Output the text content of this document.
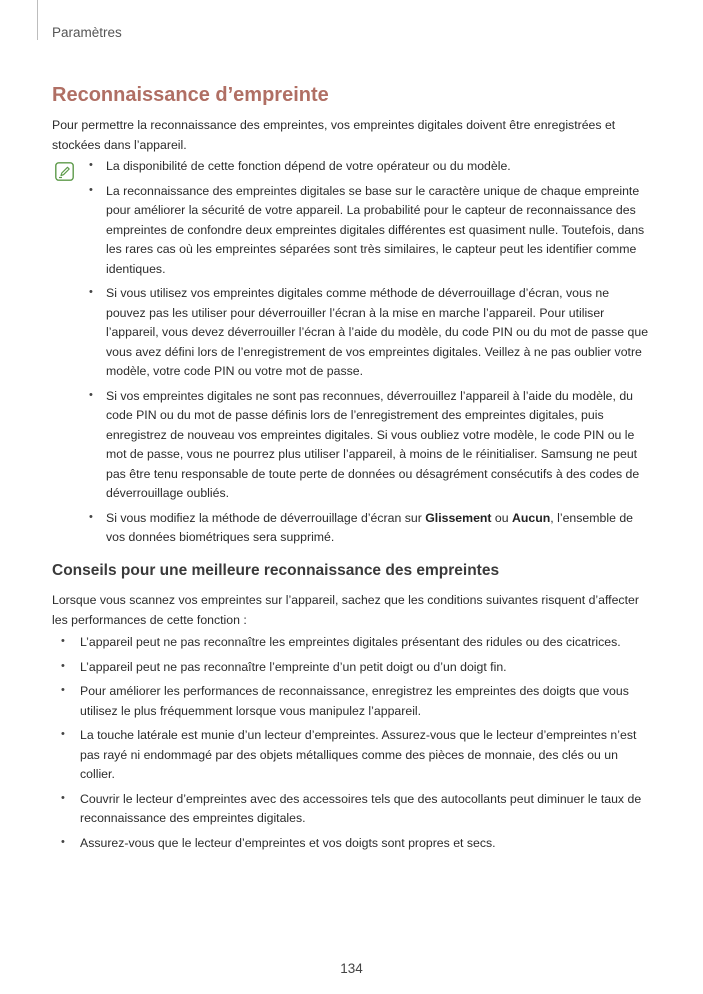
Paramètres
Reconnaissance d’empreinte

Pour permettre la reconnaissance des empreintes, vos empreintes digitales doivent être enregistrées et stockées dans l’appareil.

• La disponibilité de cette fonction dépend de votre opérateur ou du modèle.
• La reconnaissance des empreintes digitales se base sur le caractère unique de chaque empreinte pour améliorer la sécurité de votre appareil. La probabilité pour le capteur de reconnaissance des empreintes de confondre deux empreintes digitales différentes est quasiment nulle. Toutefois, dans les rares cas où les empreintes séparées sont très similaires, le capteur peut les identifier comme identiques.
• Si vous utilisez vos empreintes digitales comme méthode de déverrouillage d’écran, vous ne pouvez pas les utiliser pour déverrouiller l’écran à la mise en marche l’appareil. Pour utiliser l’appareil, vous devez déverrouiller l’écran à l’aide du modèle, du code PIN ou du mot de passe que vous avez défini lors de l’enregistrement de vos empreintes digitales. Veillez à ne pas oublier votre modèle, votre code PIN ou votre mot de passe.
• Si vos empreintes digitales ne sont pas reconnues, déverrouillez l’appareil à l’aide du modèle, du code PIN ou du mot de passe définis lors de l’enregistrement des empreintes digitales, puis enregistrez de nouveau vos empreintes digitales. Si vous oubliez votre modèle, le code PIN ou le mot de passe, vous ne pourrez plus utiliser l’appareil, à moins de le réinitialiser. Samsung ne peut pas être tenu responsable de toute perte de données ou désagrément consécutifs à des codes de déverrouillage oubliés.
• Si vous modifiez la méthode de déverrouillage d’écran sur Glissement ou Aucun, l’ensemble de vos données biométriques sera supprimé.
Conseils pour une meilleure reconnaissance des empreintes

Lorsque vous scannez vos empreintes sur l’appareil, sachez que les conditions suivantes risquent d’affecter les performances de cette fonction :

• L’appareil peut ne pas reconnaître les empreintes digitales présentant des ridules ou des cicatrices.
• L’appareil peut ne pas reconnaître l’empreinte d’un petit doigt ou d’un doigt fin.
• Pour améliorer les performances de reconnaissance, enregistrez les empreintes des doigts que vous utilisez le plus fréquemment lorsque vous manipulez l’appareil.
• La touche latérale est munie d’un lecteur d’empreintes. Assurez-vous que le lecteur d’empreintes n’est pas rayé ni endommagé par des objets métalliques comme des pièces de monnaie, des clés ou un collier.
• Couvrir le lecteur d’empreintes avec des accessoires tels que des autocollants peut diminuer le taux de reconnaissance des empreintes digitales.
• Assurez-vous que le lecteur d’empreintes et vos doigts sont propres et secs.
134
